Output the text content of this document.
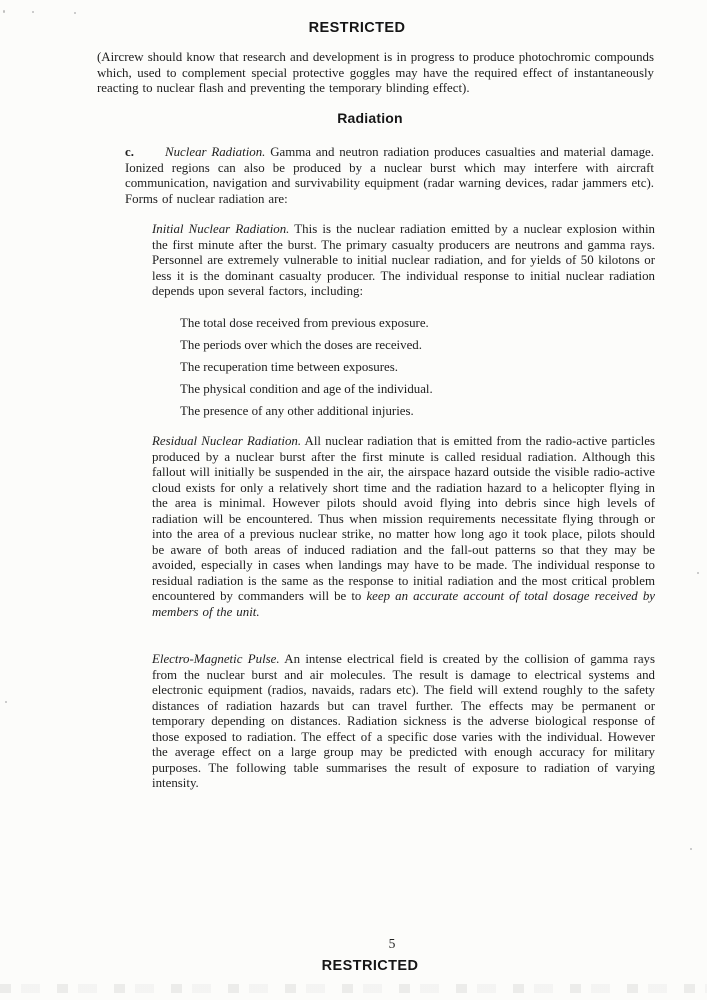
RESTRICTED
(Aircrew should know that research and development is in progress to produce photochromic compounds which, used to complement special protective goggles may have the required effect of instantaneously reacting to nuclear flash and preventing the temporary blinding effect).
Radiation
c. Nuclear Radiation. Gamma and neutron radiation produces casualties and material damage. Ionized regions can also be produced by a nuclear burst which may interfere with aircraft communication, navigation and survivability equipment (radar warning devices, radar jammers etc). Forms of nuclear radiation are:
Initial Nuclear Radiation. This is the nuclear radiation emitted by a nuclear explosion within the first minute after the burst. The primary casualty producers are neutrons and gamma rays. Personnel are extremely vulnerable to initial nuclear radiation, and for yields of 50 kilotons or less it is the dominant casualty producer. The individual response to initial nuclear radiation depends upon several factors, including:
The total dose received from previous exposure.
The periods over which the doses are received.
The recuperation time between exposures.
The physical condition and age of the individual.
The presence of any other additional injuries.
Residual Nuclear Radiation. All nuclear radiation that is emitted from the radio-active particles produced by a nuclear burst after the first minute is called residual radiation. Although this fallout will initially be suspended in the air, the airspace hazard outside the visible radio-active cloud exists for only a relatively short time and the radiation hazard to a helicopter flying in the area is minimal. However pilots should avoid flying into debris since high levels of radiation will be encountered. Thus when mission requirements necessitate flying through or into the area of a previous nuclear strike, no matter how long ago it took place, pilots should be aware of both areas of induced radiation and the fall-out patterns so that they may be avoided, especially in cases when landings may have to be made. The individual response to residual radiation is the same as the response to initial radiation and the most critical problem encountered by commanders will be to keep an accurate account of total dosage received by members of the unit.
Electro-Magnetic Pulse. An intense electrical field is created by the collision of gamma rays from the nuclear burst and air molecules. The result is damage to electrical systems and electronic equipment (radios, navaids, radars etc). The field will extend roughly to the safety distances of radiation hazards but can travel further. The effects may be permanent or temporary depending on distances. Radiation sickness is the adverse biological response of those exposed to radiation. The effect of a specific dose varies with the individual. However the average effect on a large group may be predicted with enough accuracy for military purposes. The following table summarises the result of exposure to radiation of varying intensity.
5
RESTRICTED
